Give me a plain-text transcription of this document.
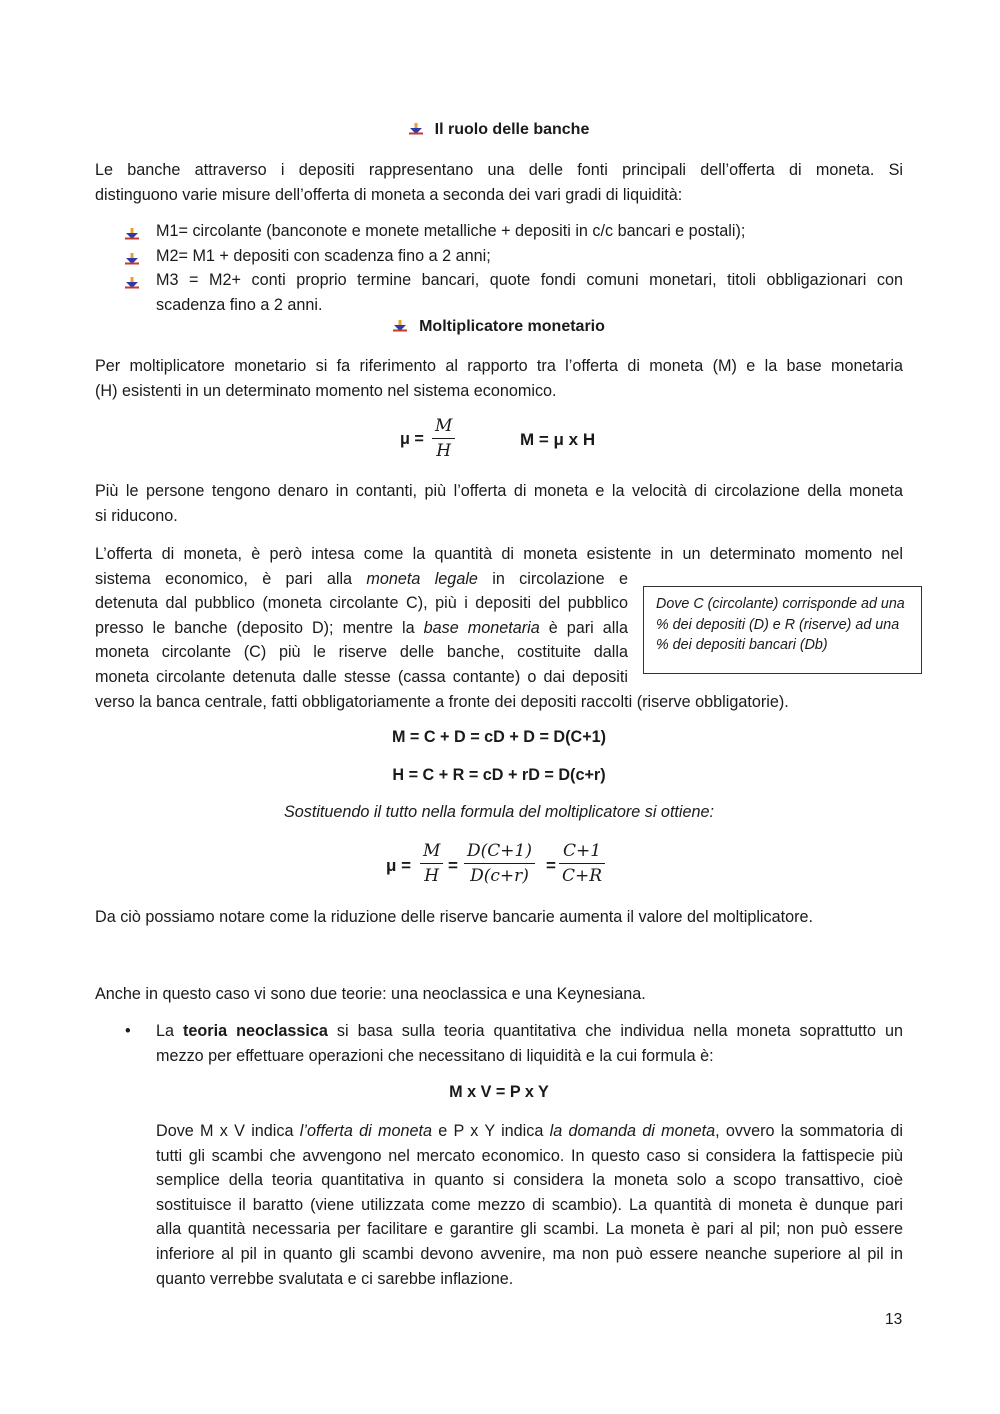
Il ruolo delle banche
Le banche attraverso i depositi rappresentano una delle fonti principali dell’offerta di moneta. Si
distinguono varie misure dell’offerta di moneta a seconda dei vari gradi di liquidità:
M1= circolante (banconote e monete metalliche + depositi in c/c bancari e postali);
M2= M1 + depositi con scadenza fino a 2 anni;
M3 = M2+ conti proprio termine bancari, quote fondi comuni monetari, titoli obbligazionari con
scadenza fino a 2 anni.
Moltiplicatore monetario
Per moltiplicatore monetario si fa riferimento al rapporto tra l’offerta di moneta (M) e la base monetaria
(H) esistenti in un determinato momento nel sistema economico.
$\mu = \frac{M}{H}$	M = μ x H
Più le persone tengono denaro in contanti, più l’offerta di moneta e la velocità di circolazione della moneta
si riducono.
L’offerta di moneta, è però intesa come la quantità di moneta esistente in un determinato momento nel
sistema economico, è pari alla moneta legale in circolazione e
detenuta dal pubblico (moneta circolante C), più i depositi del pubblico
presso le banche (deposito D); mentre la base monetaria è pari alla
moneta circolante (C) più le riserve delle banche, costituite dalla
moneta circolante detenuta dalle stesse (cassa contante) o dai depositi
verso la banca centrale, fatti obbligatoriamente a fronte dei depositi raccolti (riserve obbligatorie).
M = C + D = cD + D = D(C+1)
H = C + R = cD + rD = D(c+r)
Sostituendo il tutto nella formula del moltiplicatore si ottiene:
$\mu = \frac{M}{H} = \frac{D(C+1)}{D(c+r)} = \frac{C+1}{C+R}$
Da ciò possiamo notare come la riduzione delle riserve bancarie aumenta il valore del moltiplicatore.
Anche in questo caso vi sono due teorie: una neoclassica e una Keynesiana.
• La teoria neoclassica si basa sulla teoria quantitativa che individua nella moneta soprattutto un
mezzo per effettuare operazioni che necessitano di liquidità e la cui formula è:
M x V = P x Y
Dove M x V indica l’offerta di moneta e P x Y indica la domanda di moneta, ovvero la sommatoria di
tutti gli scambi che avvengono nel mercato economico. In questo caso si considera la fattispecie più
semplice della teoria quantitativa in quanto si considera la moneta solo a scopo transattivo, cioè
sostituisce il baratto (viene utilizzata come mezzo di scambio). La quantità di moneta è dunque pari
alla quantità necessaria per facilitare e garantire gli scambi. La moneta è pari al pil; non può essere
inferiore al pil in quanto gli scambi devono avvenire, ma non può essere neanche superiore al pil in
quanto verrebbe svalutata e ci sarebbe inflazione.
Dove C (circolante) corrisponde ad una % dei depositi (D) e R (riserve) ad una % dei depositi bancari (Db)
13
